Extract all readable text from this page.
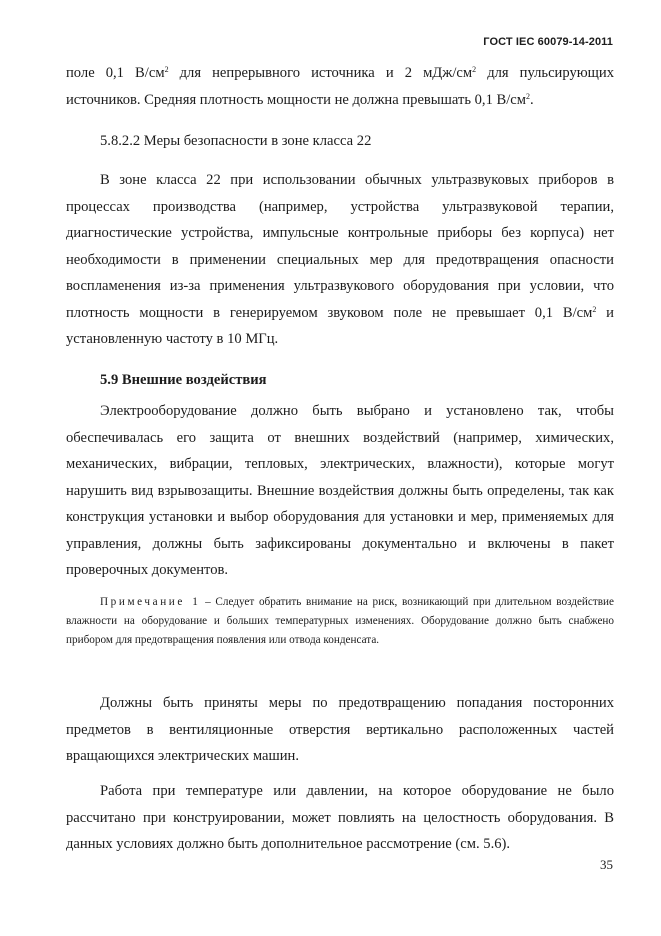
ГОСТ IEC 60079-14-2011

поле 0,1 $В/см^2$ для непрерывного источника и 2 мДж/$см^2$ для пульсирующих

источников. Средняя плотность мощности не должна превышать 0,1 $В/см^2$.

5.8.2.2 Меры безопасности в зоне класса 22

В зоне класса 22 при использовании обычных ультразвуковых приборов в процессах производства (например, устройства ультразвуковой терапии, диагностические устройства, импульсные контрольные приборы без корпуса) нет необходимости в применении специальных мер для предотвращения опасности воспламенения из-за применения ультразвукового оборудования при условии, что плотность мощности в генерируемом звуковом поле не превышает 0,1 $В/см^2$ и установленную частоту в 10 МГц.

5.9 Внешние воздействия

Электрооборудование должно быть выбрано и установлено так, чтобы обеспечивалась его защита от внешних воздействий (например, химических, механических, вибрации, тепловых, электрических, влажности), которые могут нарушить вид взрывозащиты. Внешние воздействия должны быть определены, так как конструкция установки и выбор оборудования для установки и мер, применяемых для управления, должны быть зафиксированы документально и включены в пакет проверочных документов.

Примечание 1 – Следует обратить внимание на риск, возникающий при длительном воздействие влажности на оборудование и больших температурных изменениях. Оборудование должно быть снабжено прибором для предотвращения появления или отвода конденсата.

Должны быть приняты меры по предотвращению попадания посторонних предметов в вентиляционные отверстия вертикально расположенных частей вращающихся электрических машин.

Работа при температуре или давлении, на которое оборудование не было рассчитано при конструировании, может повлиять на целостность оборудования. В данных условиях должно быть дополнительное рассмотрение (см. 5.6).

35
